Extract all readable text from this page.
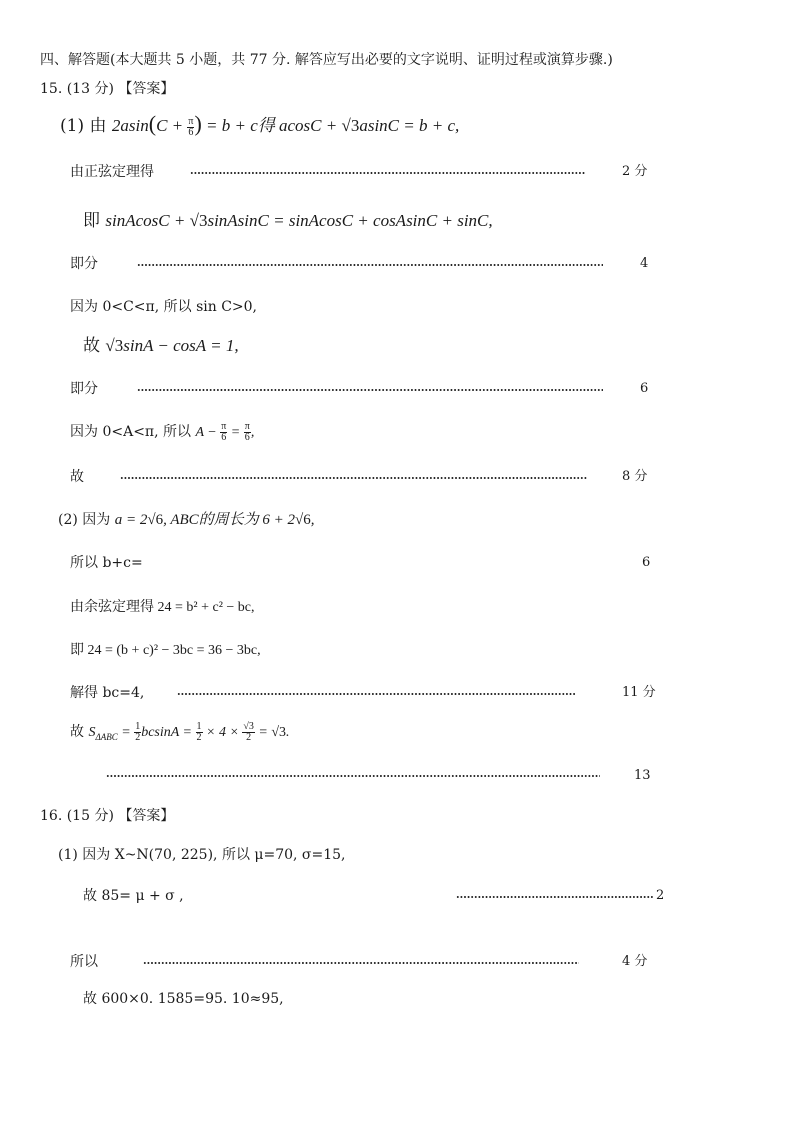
四、解答题(本大题共 5 小题，共 77 分. 解答应写出必要的文字说明、证明过程或演算步骤.)
15. (13 分) 【答案】
(1) 由 $2asin(C + \frac{\pi}{6}$ ) = b + c得 acosC + √3asinC = b + c,
由正弦定理得	2 分
即 sinAcosC + √3sinAsinC = sinAcosC + cosAsinC + sinC,
即分	4
因为 0<C<π, 所以 sin C>0,
故 √3sinA − cosA = 1,
即分	6
因为 0<A<π, 所以 $A - \frac{\pi}{6} = \frac{\pi}{6}$ ,
故	8 分
(2) 因为 a = 2√6, ABC的周长为 6 + 2√6,
所以 b+c=	6
由余弦定理得 24 = b² + c² − bc,
即 24 = (b + c)² − 3bc = 36 − 3bc,
解得 bc=4,	11 分
故 $S_{\Delta ABC} = \frac{1}{2}$ $bcsinA = \frac{1}{2} \times 4 \times \frac{√3}{2} = √3$.
13
16. (15 分) 【答案】
(1) 因为 X~N(70, 225), 所以 μ=70, σ=15,
故 85= μ + σ ,	2
所以	4 分
故 600×0. 1585=95. 10≈95,
